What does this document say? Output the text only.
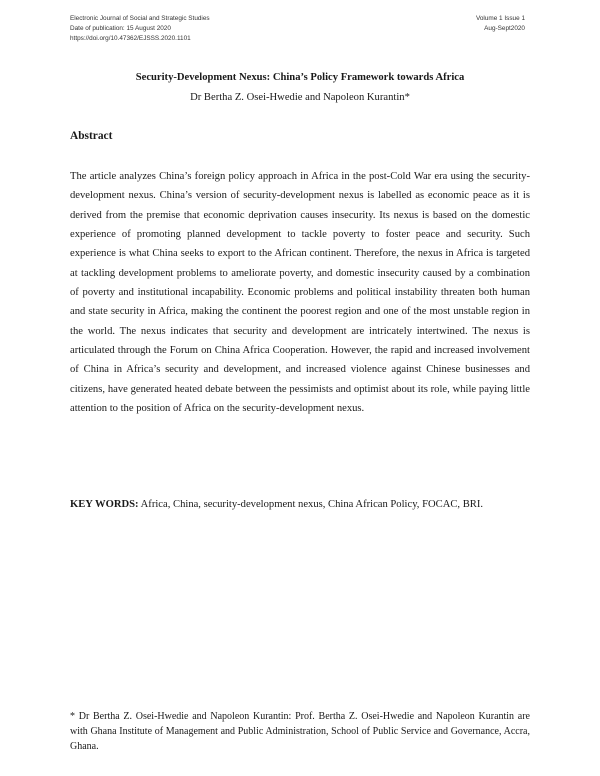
Electronic Journal of Social and Strategic Studies
Date of publication: 15 August 2020
https://doi.org/10.47362/EJSSS.2020.1101
Volume 1 Issue 1
Aug-Sept2020
Security-Development Nexus: China’s Policy Framework towards Africa
Dr Bertha Z. Osei-Hwedie and Napoleon Kurantin*
Abstract

The article analyzes China’s foreign policy approach in Africa in the post-Cold War era using the security-development nexus. China’s version of security-development nexus is labelled as economic peace as it is derived from the premise that economic deprivation causes insecurity. Its nexus is based on the domestic experience of promoting planned development to tackle poverty to foster peace and security. Such experience is what China seeks to export to the African continent. Therefore, the nexus in Africa is targeted at tackling development problems to ameliorate poverty, and domestic insecurity caused by a combination of poverty and institutional incapability. Economic problems and political instability threaten both human and state security in Africa, making the continent the poorest region and one of the most unstable region in the world. The nexus indicates that security and development are intricately intertwined. The nexus is articulated through the Forum on China Africa Cooperation. However, the rapid and increased involvement of China in Africa’s security and development, and increased violence against Chinese businesses and citizens, have generated heated debate between the pessimists and optimist about its role, while paying little attention to the position of Africa on the security-development nexus.

KEY WORDS: Africa, China, security-development nexus, China African Policy, FOCAC, BRI.

* Dr Bertha Z. Osei-Hwedie and Napoleon Kurantin: Prof. Bertha Z. Osei-Hwedie and Napoleon Kurantin are with Ghana Institute of Management and Public Administration, School of Public Service and Governance, Accra, Ghana.
